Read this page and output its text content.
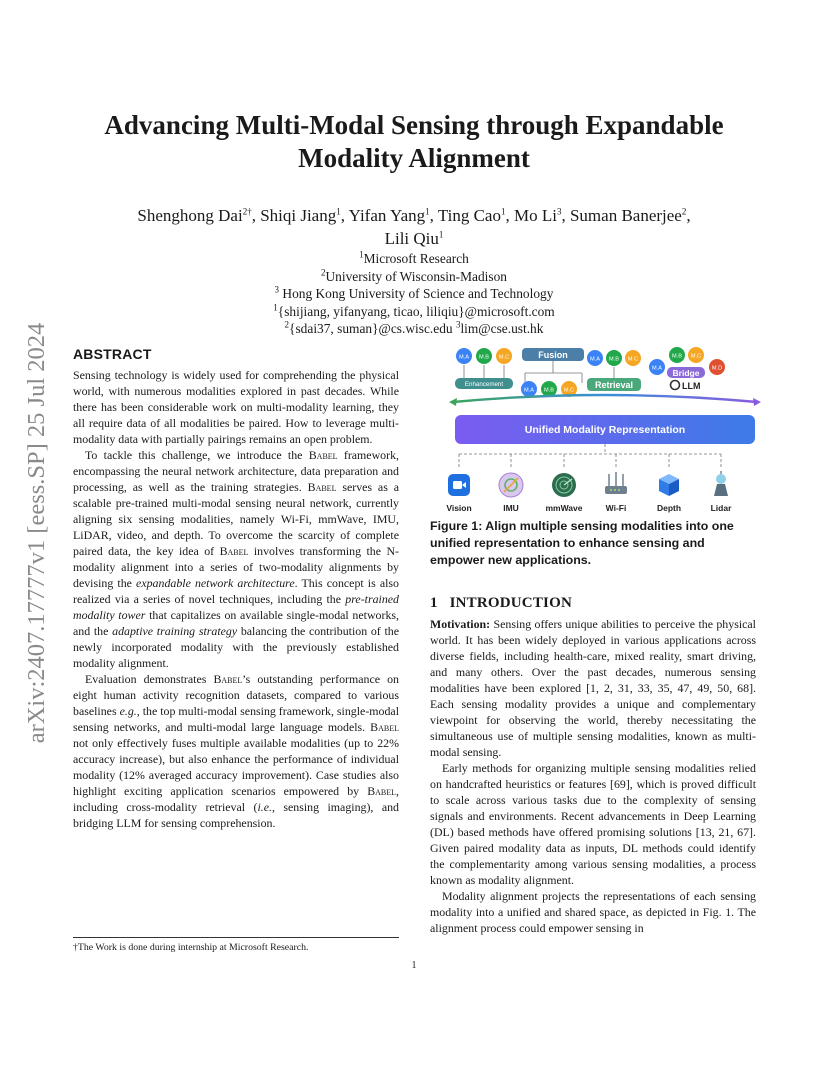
arXiv:2407.17777v1 [eess.SP] 25 Jul 2024
Advancing Multi-Modal Sensing through Expandable
Modality Alignment
Shenghong Dai$^{2\dagger}$, Shiqi Jiang$^1$, Yifan Yang$^1$, Ting Cao$^1$, Mo Li$^3$, Suman Banerjee$^2$,
Lili Qiu$^1$
$^1$Microsoft Research
$^2$University of Wisconsin-Madison
$^3$ Hong Kong University of Science and Technology
$^1${shijiang, yifanyang, ticao, liliqiu}@microsoft.com
$^2${sdai37, suman}@cs.wisc.edu $^3$lim@cse.ust.hk
ABSTRACT

Sensing technology is widely used for comprehending the physical world, with numerous modalities explored in past decades. While there has been considerable work on multi-modality learning, they all require data of all modalities be paired. How to leverage multi-modality data with partially pairings remains an open problem.

To tackle this challenge, we introduce the Babel framework, encompassing the neural network architecture, data preparation and processing, as well as the training strategies. Babel serves as a scalable pre-trained multi-modal sensing neural network, currently aligning six sensing modalities, namely Wi-Fi, mmWave, IMU, LiDAR, video, and depth. To overcome the scarcity of complete paired data, the key idea of Babel involves transforming the N-modality alignment into a series of two-modality alignments by devising the expandable network architecture. This concept is also realized via a series of novel techniques, including the pre-trained modality tower that capitalizes on available single-modal networks, and the adaptive training strategy balancing the contribution of the newly incorporated modality with the previously established modality alignment.

Evaluation demonstrates Babel’s outstanding performance on eight human activity recognition datasets, compared to various baselines e.g., the top multi-modal sensing framework, single-modal sensing networks, and multi-modal large language models. Babel not only effectively fuses multiple available modalities (up to 22% accuracy increase), but also enhance the performance of individual modality (12% averaged accuracy improvement). Case studies also highlight exciting application scenarios empowered by Babel, including cross-modality retrieval (i.e., sensing imaging), and bridging LLM for sensing comprehension.

M.A M.B M.C
Enhancement
Fusion
M.A M.B M.C
M.A M.B M.C
Retrieval
M.B M.C
M.A	M.D
Bridge
LLM
Unified Modality Representation
Vision	IMU	mmWave	Wi-Fi	Depth	Lidar
Figure 1: Align multiple sensing modalities into one unified representation to enhance sensing and empower new applications.
1 INTRODUCTION

Motivation: Sensing offers unique abilities to perceive the physical world. It has been widely deployed in various applications across diverse fields, including health-care, mixed reality, smart driving, and many others. Over the past decades, numerous sensing modalities have been explored [1, 2, 31, 33, 35, 47, 49, 50, 68]. Each sensing modality provides a unique and complementary viewpoint for observing the world, thereby necessitating the simultaneous use of multiple sensing modalities, known as multi-modal sensing.

Early methods for organizing multiple sensing modalities relied on handcrafted heuristics or features [69], which is proved difficult to scale across various tasks due to the complexity of sensing signals and environments. Recent advancements in Deep Learning (DL) based methods have offered promising solutions [13, 21, 67]. Given paired modality data as inputs, DL methods could identify the complementarity among various sensing modalities, a process known as modality alignment.

Modality alignment projects the representations of each sensing modality into a unified and shared space, as depicted in Fig. 1. The alignment process could empower sensing in

†The Work is done during internship at Microsoft Research.
1
